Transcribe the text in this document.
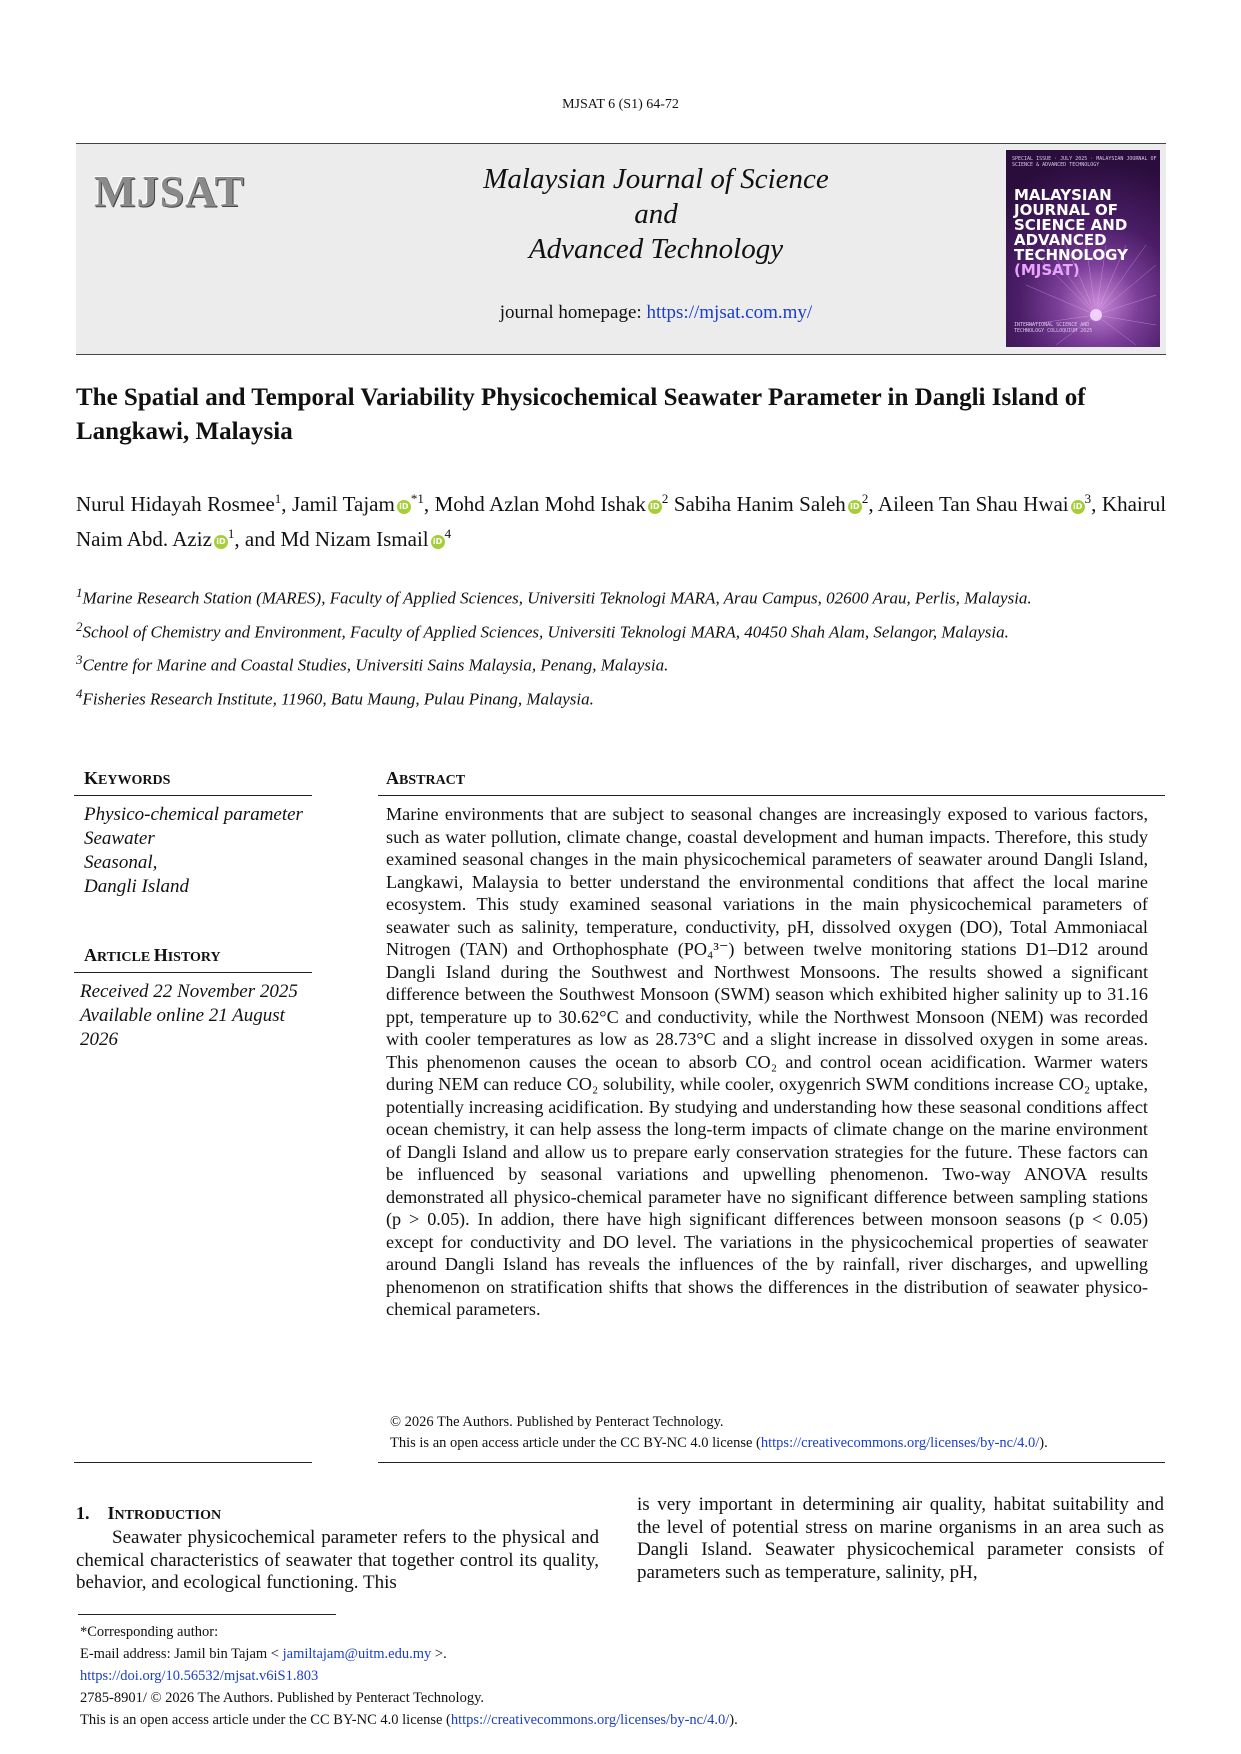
MJSAT 6 (S1) 64-72
MJSAT	Malaysian Journal of Science
and
Advanced Technology
journal homepage: https://mjsat.com.my/
SPECIAL ISSUE · JULY 2025 · MALAYSIAN JOURNAL OF SCIENCE & ADVANCED TECHNOLOGY
MALAYSIAN
JOURNAL OF
SCIENCE AND
ADVANCED
TECHNOLOGY
(MJSAT)
INTERNATIONAL SCIENCE AND
TECHNOLOGY COLLOQUIUM 2025
The Spatial and Temporal Variability Physicochemical Seawater Parameter in Dangli Island of Langkawi, Malaysia
Nurul Hidayah Rosmee$^1$, Jamil Tajam $iD^{*1}$, Mohd Azlan Mohd Ishak $iD^2$ Sabiha Hanim Saleh $iD^2$, Aileen Tan Shau Hwai $iD^3$, Khairul Naim Abd. Aziz $iD^1$, and Md Nizam Ismail $iD^4$
$^1$Marine Research Station (MARES), Faculty of Applied Sciences, Universiti Teknologi MARA, Arau Campus, 02600 Arau, Perlis, Malaysia.
$^2$School of Chemistry and Environment, Faculty of Applied Sciences, Universiti Teknologi MARA, 40450 Shah Alam, Selangor, Malaysia.
$^3$Centre for Marine and Coastal Studies, Universiti Sains Malaysia, Penang, Malaysia.
$^4$Fisheries Research Institute, 11960, Batu Maung, Pulau Pinang, Malaysia.
KEYWORDS
Physico-chemical parameter
Seawater
Seasonal,
Dangli Island
ARTICLE HISTORY
Received 22 November 2025
Available online 21 August 2026
ABSTRACT
Marine environments that are subject to seasonal changes are increasingly exposed to various factors, such as water pollution, climate change, coastal development and human impacts. Therefore, this study examined seasonal changes in the main physicochemical parameters of seawater around Dangli Island, Langkawi, Malaysia to better understand the environmental conditions that affect the local marine ecosystem. This study examined seasonal variations in the main physicochemical parameters of seawater such as salinity, temperature, conductivity, pH, dissolved oxygen (DO), Total Ammoniacal Nitrogen (TAN) and Orthophosphate (PO₄³⁻) between twelve monitoring stations D1–D12 around Dangli Island during the Southwest and Northwest Monsoons. The results showed a significant difference between the Southwest Monsoon (SWM) season which exhibited higher salinity up to 31.16 ppt, temperature up to 30.62°C and conductivity, while the Northwest Monsoon (NEM) was recorded with cooler temperatures as low as 28.73°C and a slight increase in dissolved oxygen in some areas. This phenomenon causes the ocean to absorb CO₂ and control ocean acidification. Warmer waters during NEM can reduce CO₂ solubility, while cooler, oxygenrich SWM conditions increase CO₂ uptake, potentially increasing acidification. By studying and understanding how these seasonal conditions affect ocean chemistry, it can help assess the long-term impacts of climate change on the marine environment of Dangli Island and allow us to prepare early conservation strategies for the future. These factors can be influenced by seasonal variations and upwelling phenomenon. Two-way ANOVA results demonstrated all physico-chemical parameter have no significant difference between sampling stations (p > 0.05). In addion, there have high significant differences between monsoon seasons (p < 0.05) except for conductivity and DO level. The variations in the physicochemical properties of seawater around Dangli Island has reveals the influences of the by rainfall, river discharges, and upwelling phenomenon on stratification shifts that shows the differences in the distribution of seawater physico-chemical parameters.
© 2026 The Authors. Published by Penteract Technology.
This is an open access article under the CC BY-NC 4.0 license (https://creativecommons.org/licenses/by-nc/4.0/).
1. INTRODUCTION
Seawater physicochemical parameter refers to the physical and chemical characteristics of seawater that together control its quality, behavior, and ecological functioning. This
is very important in determining air quality, habitat suitability and the level of potential stress on marine organisms in an area such as Dangli Island. Seawater physicochemical parameter consists of parameters such as temperature, salinity, pH,
*Corresponding author:
E-mail address: Jamil bin Tajam < jamiltajam@uitm.edu.my >.
https://doi.org/10.56532/mjsat.v6iS1.803
2785-8901/ © 2026 The Authors. Published by Penteract Technology.
This is an open access article under the CC BY-NC 4.0 license (https://creativecommons.org/licenses/by-nc/4.0/).
